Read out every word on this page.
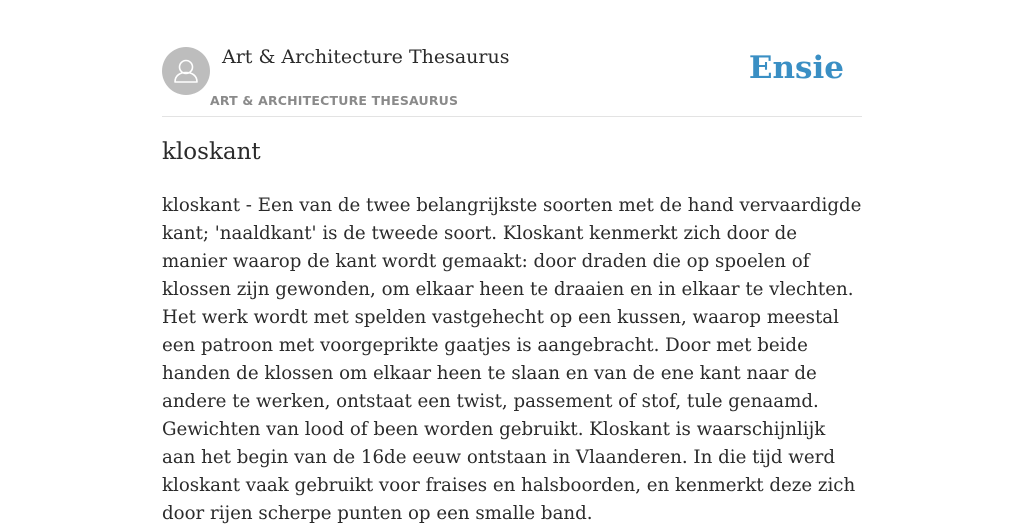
Art & Architecture Thesaurus
ART & ARCHITECTURE THESAURUS
Ensie
kloskant

kloskant - Een van de twee belangrijkste soorten met de hand vervaardigde kant; 'naaldkant' is de tweede soort. Kloskant kenmerkt zich door de manier waarop de kant wordt gemaakt: door draden die op spoelen of klossen zijn gewonden, om elkaar heen te draaien en in elkaar te vlechten. Het werk wordt met spelden vastgehecht op een kussen, waarop meestal een patroon met voorgeprikte gaatjes is aangebracht. Door met beide handen de klossen om elkaar heen te slaan en van de ene kant naar de andere te werken, ontstaat een twist, passement of stof, tule genaamd. Gewichten van lood of been worden gebruikt. Kloskant is waarschijnlijk aan het begin van de 16de eeuw ontstaan in Vlaanderen. In die tijd werd kloskant vaak gebruikt voor fraises en halsboorden, en kenmerkt deze zich door rijen scherpe punten op een smalle band.
